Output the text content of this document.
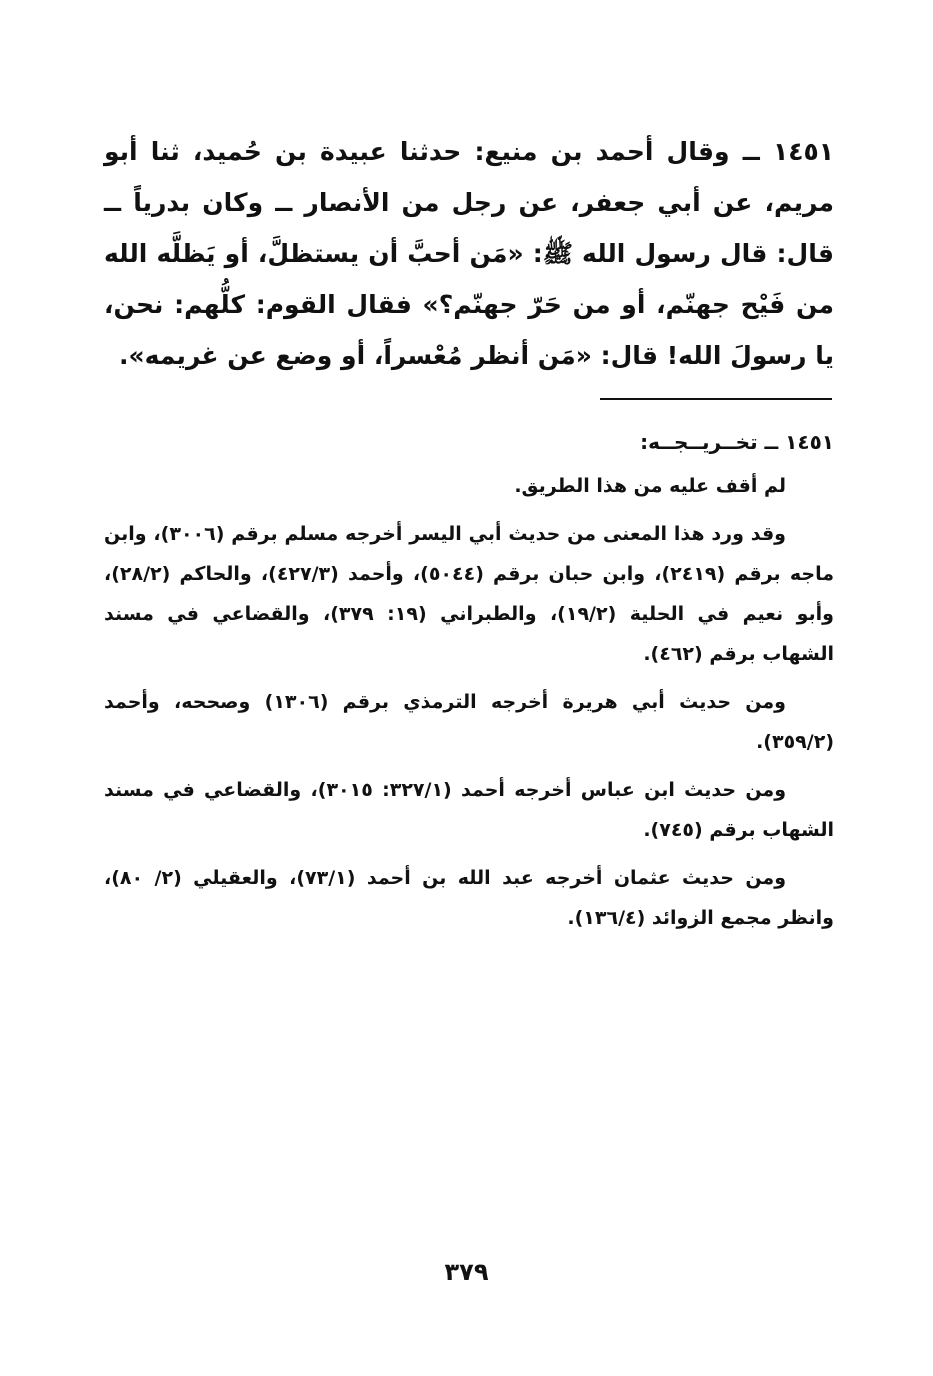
١٤٥١ ــ وقال أحمد بن منيع: حدثنا عبيدة بن حُميد، ثنا أبو مريم، عن أبي جعفر، عن رجل من الأنصار ــ وكان بدرياً ــ قال: قال رسول الله ﷺ: «مَن أحبَّ أن يستظلَّ، أو يَظلَّه الله من فَيْح جهنّم، أو من حَرّ جهنّم؟» فقال القوم: كلُّهم: نحن، يا رسولَ الله! قال: «مَن أنظر مُعْسراً، أو وضع عن غريمه».

١٤٥١ ــ تخــريــجــه:

لم أقف عليه من هذا الطريق.

وقد ورد هذا المعنى من حديث أبي اليسر أخرجه مسلم برقم (٣٠٠٦)، وابن ماجه برقم (٢٤١٩)، وابن حبان برقم (٥٠٤٤)، وأحمد (٤٢٧/٣)، والحاكم (٢٨/٢)، وأبو نعيم في الحلية (١٩/٢)، والطبراني (١٩: ٣٧٩)، والقضاعي في مسند الشهاب برقم (٤٦٢).

ومن حديث أبي هريرة أخرجه الترمذي برقم (١٣٠٦) وصححه، وأحمد (٣٥٩/٢).

ومن حديث ابن عباس أخرجه أحمد (٣٢٧/١: ٣٠١٥)، والقضاعي في مسند الشهاب برقم (٧٤٥).

ومن حديث عثمان أخرجه عبد الله بن أحمد (٧٣/١)، والعقيلي (٢/ ٨٠)، وانظر مجمع الزوائد (١٣٦/٤).

٣٧٩
